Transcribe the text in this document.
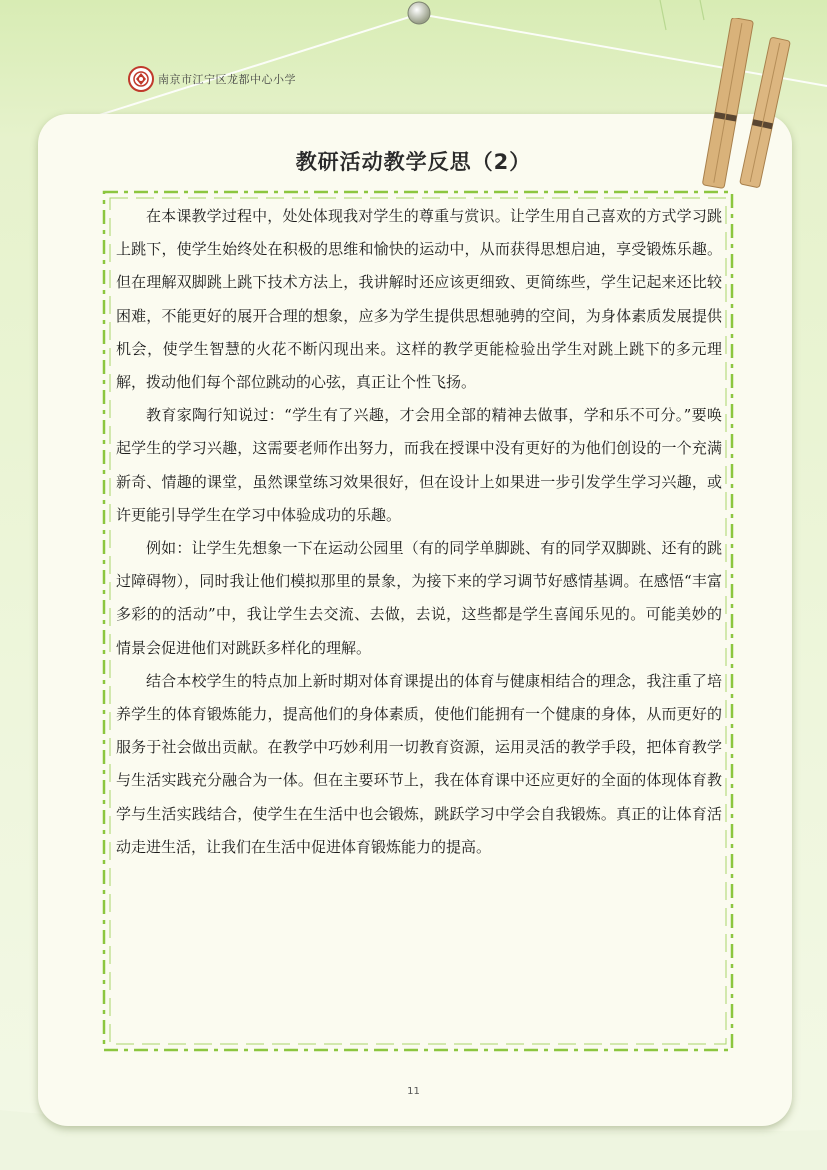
南京市江宁区龙都中心小学
教研活动教学反思（2）

在本课教学过程中，处处体现我对学生的尊重与赏识。让学生用自己喜欢的方式学习跳上跳下，使学生始终处在积极的思维和愉快的运动中，从而获得思想启迪，享受锻炼乐趣。但在理解双脚跳上跳下技术方法上，我讲解时还应该更细致、更简练些，学生记起来还比较困难，不能更好的展开合理的想象，应多为学生提供思想驰骋的空间，为身体素质发展提供机会，使学生智慧的火花不断闪现出来。这样的教学更能检验出学生对跳上跳下的多元理解，拨动他们每个部位跳动的心弦，真正让个性飞扬。

教育家陶行知说过：“学生有了兴趣，才会用全部的精神去做事，学和乐不可分。”要唤起学生的学习兴趣，这需要老师作出努力，而我在授课中没有更好的为他们创设的一个充满新奇、情趣的课堂，虽然课堂练习效果很好，但在设计上如果进一步引发学生学习兴趣，或许更能引导学生在学习中体验成功的乐趣。

例如：让学生先想象一下在运动公园里（有的同学单脚跳、有的同学双脚跳、还有的跳过障碍物），同时我让他们模拟那里的景象，为接下来的学习调节好感情基调。在感悟“丰富多彩的的活动”中，我让学生去交流、去做，去说，这些都是学生喜闻乐见的。可能美妙的情景会促进他们对跳跃多样化的理解。

结合本校学生的特点加上新时期对体育课提出的体育与健康相结合的理念，我注重了培养学生的体育锻炼能力，提高他们的身体素质，使他们能拥有一个健康的身体，从而更好的服务于社会做出贡献。在教学中巧妙利用一切教育资源，运用灵活的教学手段，把体育教学与生活实践充分融合为一体。但在主要环节上，我在体育课中还应更好的全面的体现体育教学与生活实践结合，使学生在生活中也会锻炼，跳跃学习中学会自我锻炼。真正的让体育活动走进生活，让我们在生活中促进体育锻炼能力的提高。

11
